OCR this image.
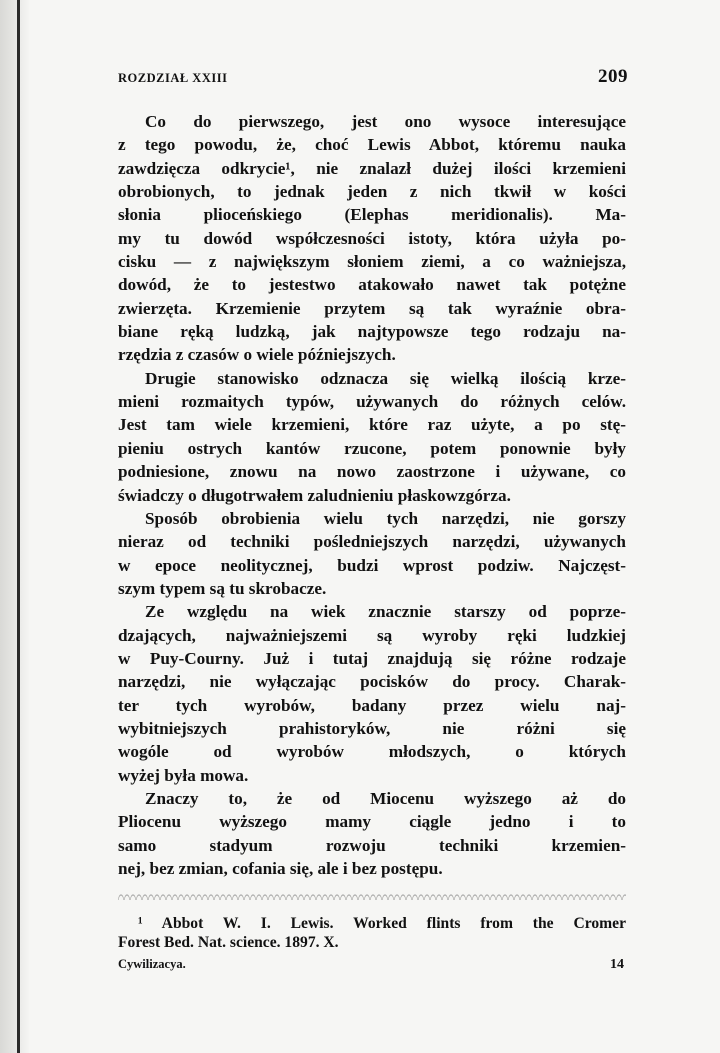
ROZDZIAŁ XXIII	209
Co do pierwszego, jest ono wysoce interesujące
z tego powodu, że, choć Lewis Abbot, któremu nauka
zawdzięcza odkrycie¹, nie znalazł dużej ilości krzemieni
obrobionych, to jednak jeden z nich tkwił w kości
słonia plioceńskiego (Elephas meridionalis). Ma-
my tu dowód współczesności istoty, która użyła po-
cisku — z największym słoniem ziemi, a co ważniejsza,
dowód, że to jestestwo atakowało nawet tak potężne
zwierzęta. Krzemienie przytem są tak wyraźnie obra-
biane ręką ludzką, jak najtypowsze tego rodzaju na-
rzędzia z czasów o wiele późniejszych.
Drugie stanowisko odznacza się wielką ilością krze-
mieni rozmaitych typów, używanych do różnych celów.
Jest tam wiele krzemieni, które raz użyte, a po stę-
pieniu ostrych kantów rzucone, potem ponownie były
podniesione, znowu na nowo zaostrzone i używane, co
świadczy o długotrwałem zaludnieniu płaskowzgórza.
Sposób obrobienia wielu tych narzędzi, nie gorszy
nieraz od techniki pośledniejszych narzędzi, używanych
w epoce neolitycznej, budzi wprost podziw. Najczęst-
szym typem są tu skrobacze.
Ze względu na wiek znacznie starszy od poprze-
dzających, najważniejszemi są wyroby ręki ludzkiej
w Puy-Courny. Już i tutaj znajdują się różne rodzaje
narzędzi, nie wyłączając pocisków do procy. Charak-
ter tych wyrobów, badany przez wielu naj-
wybitniejszych prahistoryków, nie różni się
wogóle od wyrobów młodszych, o których
wyżej była mowa.
Znaczy to, że od Miocenu wyższego aż do
Pliocenu wyższego mamy ciągle jedno i to
samo stadyum rozwoju techniki krzemien-
nej, bez zmian, cofania się, ale i bez postępu.
¹ Abbot W. I. Lewis. Worked flints from the Cromer
Forest Bed. Nat. science. 1897. X.
Cywilizacya.	14
